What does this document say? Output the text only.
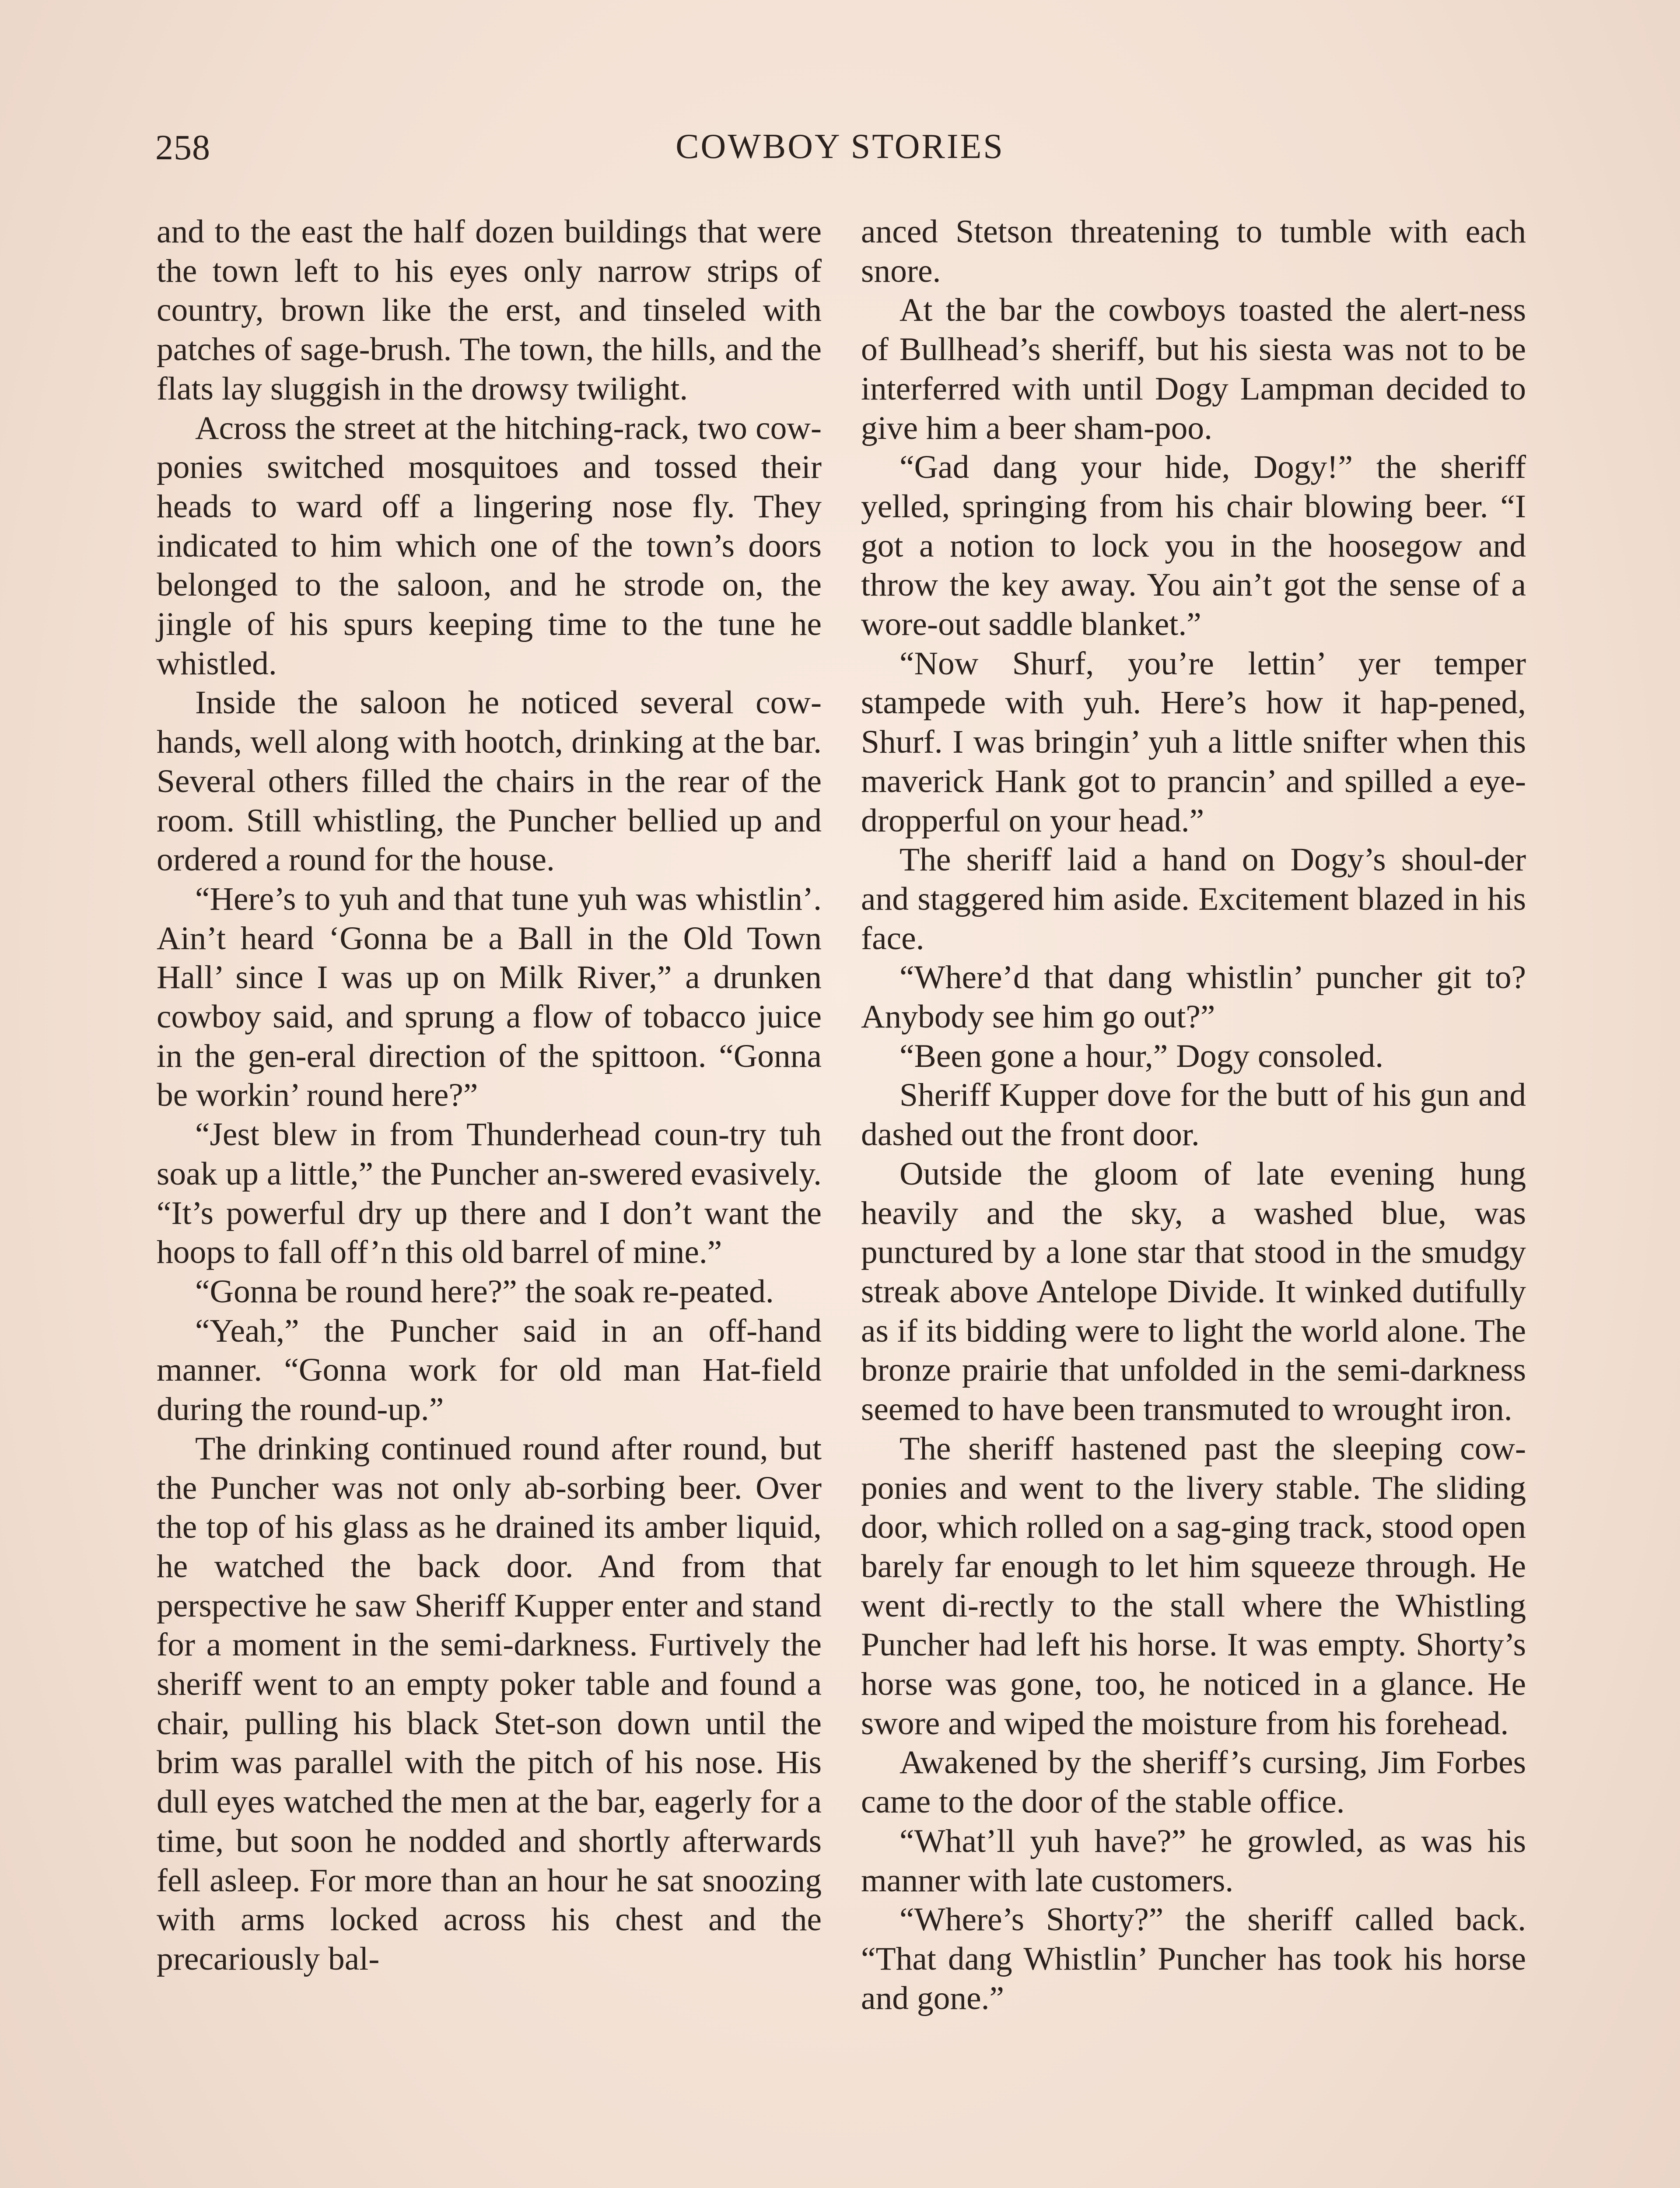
258	COWBOY STORIES

and to the east the half dozen buildings that were the town left to his eyes only narrow strips of country, brown like the erst, and tinseled with patches of sage-brush. The town, the hills, and the flats lay sluggish in the drowsy twilight.

Across the street at the hitching-rack, two cow-ponies switched mosquitoes and tossed their heads to ward off a lingering nose fly. They indicated to him which one of the town’s doors belonged to the saloon, and he strode on, the jingle of his spurs keeping time to the tune he whistled.

Inside the saloon he noticed several cow-hands, well along with hootch, drinking at the bar. Several others filled the chairs in the rear of the room. Still whistling, the Puncher bellied up and ordered a round for the house.

“Here’s to yuh and that tune yuh was whistlin’. Ain’t heard ‘Gonna be a Ball in the Old Town Hall’ since I was up on Milk River,” a drunken cowboy said, and sprung a flow of tobacco juice in the gen-eral direction of the spittoon. “Gonna be workin’ round here?”

“Jest blew in from Thunderhead coun-try tuh soak up a little,” the Puncher an-swered evasively. “It’s powerful dry up there and I don’t want the hoops to fall off’n this old barrel of mine.”

“Gonna be round here?” the soak re-peated.

“Yeah,” the Puncher said in an off-hand manner. “Gonna work for old man Hat-field during the round-up.”

The drinking continued round after round, but the Puncher was not only ab-sorbing beer. Over the top of his glass as he drained its amber liquid, he watched the back door. And from that perspective he saw Sheriff Kupper enter and stand for a moment in the semi-darkness. Furtively the sheriff went to an empty poker table and found a chair, pulling his black Stet-son down until the brim was parallel with the pitch of his nose. His dull eyes watched the men at the bar, eagerly for a time, but soon he nodded and shortly afterwards fell asleep. For more than an hour he sat snoozing with arms locked across his chest and the precariously bal-

anced Stetson threatening to tumble with each snore.

At the bar the cowboys toasted the alert-ness of Bullhead’s sheriff, but his siesta was not to be interferred with until Dogy Lampman decided to give him a beer sham-poo.

“Gad dang your hide, Dogy!” the sheriff yelled, springing from his chair blowing beer. “I got a notion to lock you in the hoosegow and throw the key away. You ain’t got the sense of a wore-out saddle blanket.”

“Now Shurf, you’re lettin’ yer temper stampede with yuh. Here’s how it hap-pened, Shurf. I was bringin’ yuh a little snifter when this maverick Hank got to prancin’ and spilled a eye-dropperful on your head.”

The sheriff laid a hand on Dogy’s shoul-der and staggered him aside. Excitement blazed in his face.

“Where’d that dang whistlin’ puncher git to? Anybody see him go out?”

“Been gone a hour,” Dogy consoled.

Sheriff Kupper dove for the butt of his gun and dashed out the front door.

Outside the gloom of late evening hung heavily and the sky, a washed blue, was punctured by a lone star that stood in the smudgy streak above Antelope Divide. It winked dutifully as if its bidding were to light the world alone. The bronze prairie that unfolded in the semi-darkness seemed to have been transmuted to wrought iron.

The sheriff hastened past the sleeping cow-ponies and went to the livery stable. The sliding door, which rolled on a sag-ging track, stood open barely far enough to let him squeeze through. He went di-rectly to the stall where the Whistling Puncher had left his horse. It was empty. Shorty’s horse was gone, too, he noticed in a glance. He swore and wiped the moisture from his forehead.

Awakened by the sheriff’s cursing, Jim Forbes came to the door of the stable office.

“What’ll yuh have?” he growled, as was his manner with late customers.

“Where’s Shorty?” the sheriff called back. “That dang Whistlin’ Puncher has took his horse and gone.”
